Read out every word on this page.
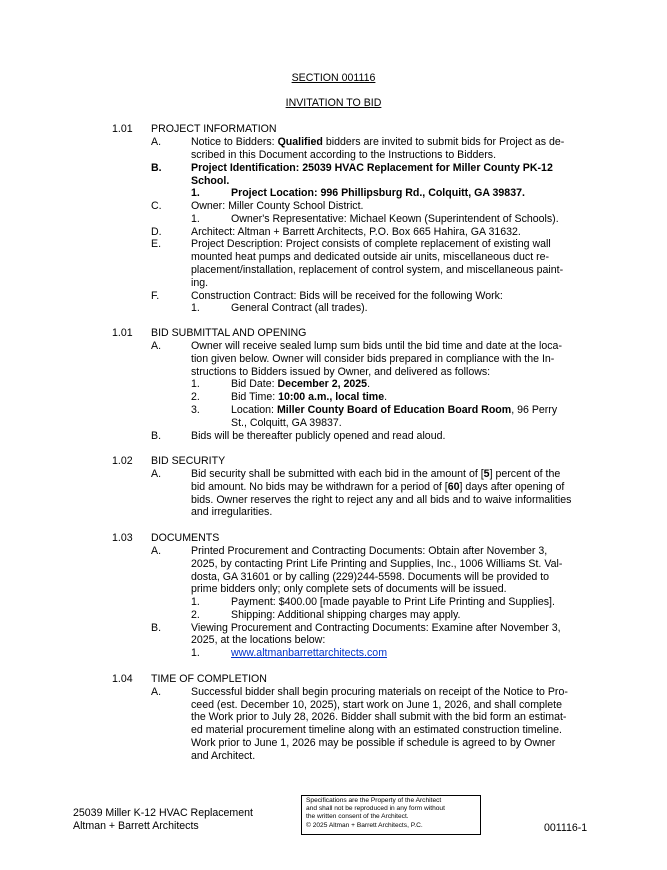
SECTION 001116
INVITATION TO BID
1.01 PROJECT INFORMATION
A.	Notice to Bidders: Qualified bidders are invited to submit bids for Project as de-
scribed in this Document according to the Instructions to Bidders.
B.	Project Identification: 25039 HVAC Replacement for Miller County PK-12
School.
1.	Project Location: 996 Phillipsburg Rd., Colquitt, GA 39837.
C.	Owner: Miller County School District.
1.	Owner's Representative: Michael Keown (Superintendent of Schools).
D.	Architect: Altman + Barrett Architects, P.O. Box 665 Hahira, GA 31632.
E.	Project Description: Project consists of complete replacement of existing wall
mounted heat pumps and dedicated outside air units, miscellaneous duct re-
placement/installation, replacement of control system, and miscellaneous paint-
ing.
F.	Construction Contract: Bids will be received for the following Work:
1.	General Contract (all trades).
1.01 BID SUBMITTAL AND OPENING
A.	Owner will receive sealed lump sum bids until the bid time and date at the loca-
tion given below. Owner will consider bids prepared in compliance with the In-
structions to Bidders issued by Owner, and delivered as follows:
1.	Bid Date: December 2, 2025.
2.	Bid Time: 10:00 a.m., local time.
3.	Location: Miller County Board of Education Board Room, 96 Perry
St., Colquitt, GA 39837.
B.	Bids will be thereafter publicly opened and read aloud.
1.02 BID SECURITY
A.	Bid security shall be submitted with each bid in the amount of [5] percent of the
bid amount. No bids may be withdrawn for a period of [60] days after opening of
bids. Owner reserves the right to reject any and all bids and to waive informalities
and irregularities.
1.03 DOCUMENTS
A.	Printed Procurement and Contracting Documents: Obtain after November 3,
2025, by contacting Print Life Printing and Supplies, Inc., 1006 Williams St. Val-
dosta, GA 31601 or by calling (229)244-5598. Documents will be provided to
prime bidders only; only complete sets of documents will be issued.
1.	Payment: $400.00 [made payable to Print Life Printing and Supplies].
2.	Shipping: Additional shipping charges may apply.
B.	Viewing Procurement and Contracting Documents: Examine after November 3,
2025, at the locations below:
1.	www.altmanbarrettarchitects.com
1.04 TIME OF COMPLETION
A.	Successful bidder shall begin procuring materials on receipt of the Notice to Pro-
ceed (est. December 10, 2025), start work on June 1, 2026, and shall complete
the Work prior to July 28, 2026. Bidder shall submit with the bid form an estimat-
ed material procurement timeline along with an estimated construction timeline.
Work prior to June 1, 2026 may be possible if schedule is agreed to by Owner
and Architect.
25039 Miller K-12 HVAC Replacement
Altman + Barrett Architects
Specifications are the Property of the Architect
and shall not be reproduced in any form without
the written consent of the Architect.
© 2025 Altman + Barrett Architects, P.C.	001116-1
